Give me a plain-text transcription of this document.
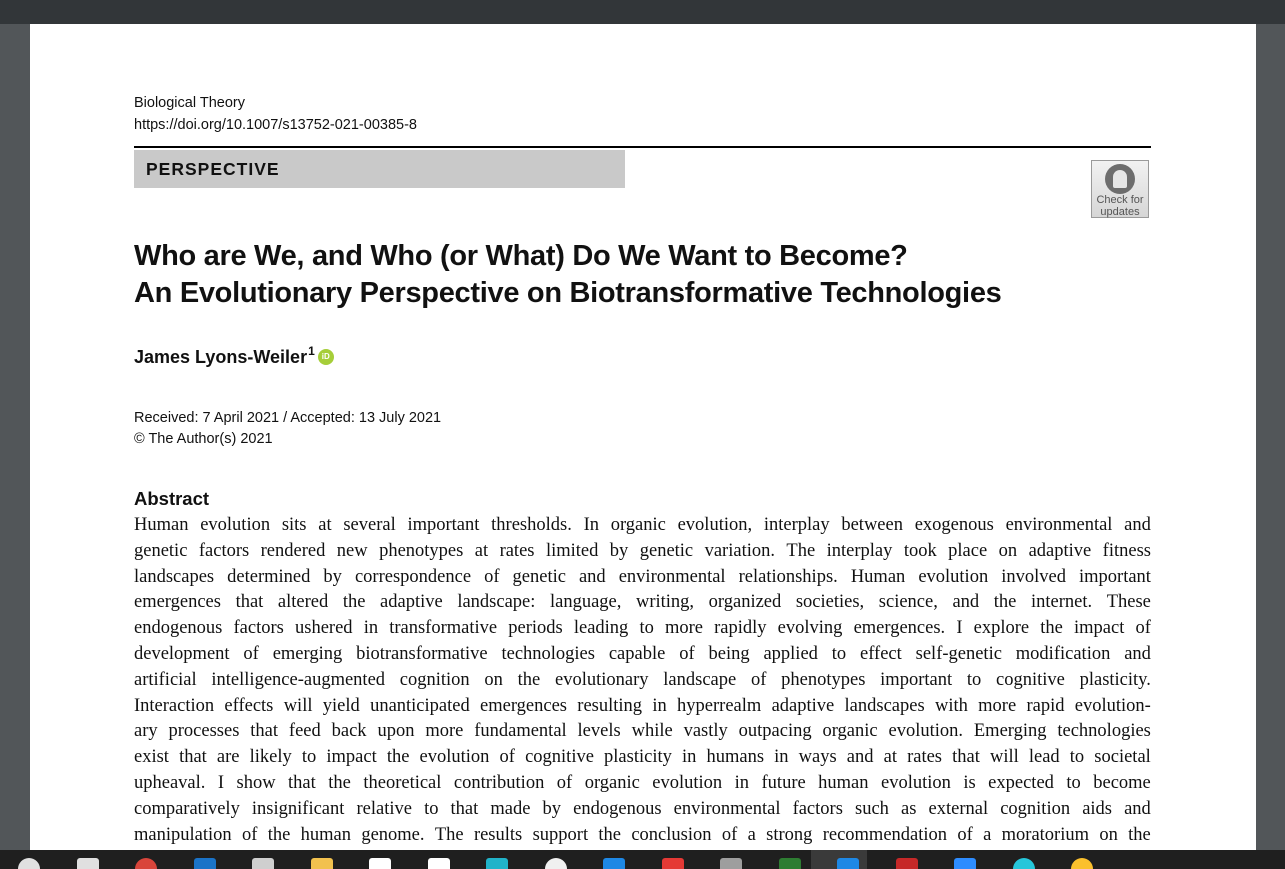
Biological Theory
https://doi.org/10.1007/s13752-021-00385-8
PERSPECTIVE
Check for
updates
Who are We, and Who (or What) Do We Want to Become?
An Evolutionary Perspective on Biotransformative Technologies
James Lyons-Weiler$^1$ iD
Received: 7 April 2021 / Accepted: 13 July 2021
© The Author(s) 2021
Abstract
Human evolution sits at several important thresholds. In organic evolution, interplay between exogenous environmental and
genetic factors rendered new phenotypes at rates limited by genetic variation. The interplay took place on adaptive fitness
landscapes determined by correspondence of genetic and environmental relationships. Human evolution involved important
emergences that altered the adaptive landscape: language, writing, organized societies, science, and the internet. These
endogenous factors ushered in transformative periods leading to more rapidly evolving emergences. I explore the impact of
development of emerging biotransformative technologies capable of being applied to effect self-genetic modification and
artificial intelligence-augmented cognition on the evolutionary landscape of phenotypes important to cognitive plasticity.
Interaction effects will yield unanticipated emergences resulting in hyperrealm adaptive landscapes with more rapid evolution-
ary processes that feed back upon more fundamental levels while vastly outpacing organic evolution. Emerging technologies
exist that are likely to impact the evolution of cognitive plasticity in humans in ways and at rates that will lead to societal
upheaval. I show that the theoretical contribution of organic evolution in future human evolution is expected to become
comparatively insignificant relative to that made by endogenous environmental factors such as external cognition aids and
manipulation of the human genome. The results support the conclusion of a strong recommendation of a moratorium on the
